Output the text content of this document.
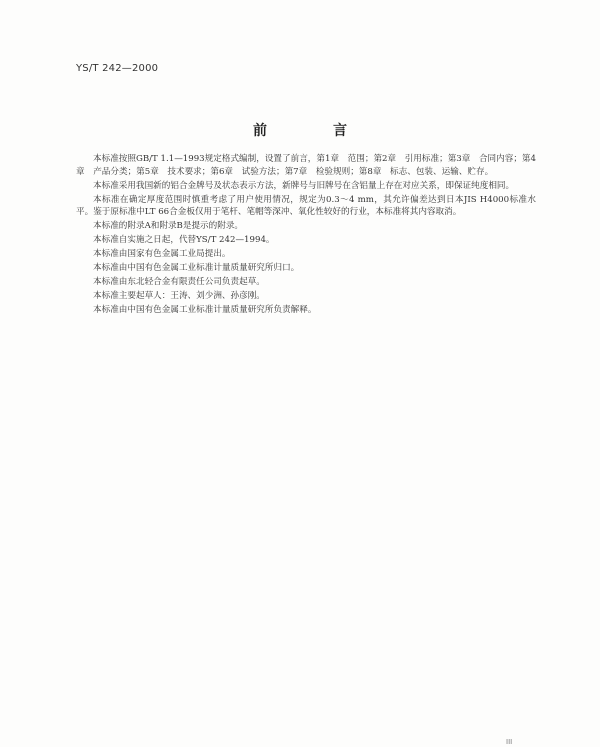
YS/T 242—2000
前　言

本标准按照GB/T 1.1—1993规定格式编制，设置了前言，第1章　范围；第2章　引用标准；第3章　合同内容；第4章　产品分类；第5章　技术要求；第6章　试验方法；第7章　检验规则；第8章　标志、包装、运输、贮存。

本标准采用我国新的铝合金牌号及状态表示方法，新牌号与旧牌号在含铝量上存在对应关系，即保证纯度相同。

本标准在确定厚度范围时慎重考虑了用户使用情况，规定为0.3～4 mm，其允许偏差达到日本JIS H4000标准水平。鉴于原标准中LT 66合金板仅用于笔杆、笔帽等深冲、氧化性较好的行业，本标准将其内容取消。

本标准的附录A和附录B是提示的附录。

本标准自实施之日起，代替YS/T 242—1994。

本标准由国家有色金属工业局提出。

本标准由中国有色金属工业标准计量质量研究所归口。

本标准由东北轻合金有限责任公司负责起草。

本标准主要起草人：王涛、刘少洲、孙彦刚。

本标准由中国有色金属工业标准计量质量研究所负责解释。

III
